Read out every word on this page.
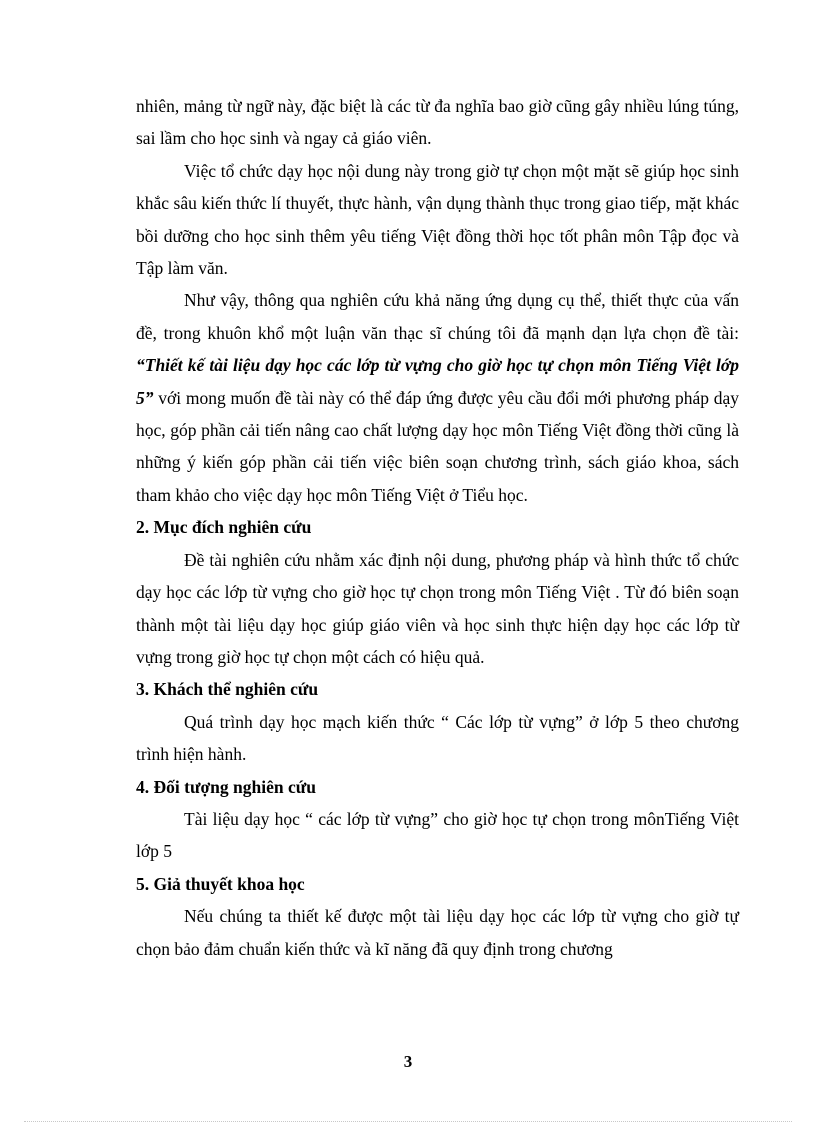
nhiên, mảng từ ngữ này, đặc biệt là các từ đa nghĩa bao giờ cũng gây nhiều lúng túng, sai lầm cho học sinh và ngay cả giáo viên.

Việc tổ chức dạy học nội dung này trong giờ tự chọn một mặt sẽ giúp học sinh khắc sâu kiến thức lí thuyết, thực hành, vận dụng thành thục trong giao tiếp, mặt khác bồi dưỡng cho học sinh thêm yêu tiếng Việt đồng thời học tốt phân môn Tập đọc và Tập làm văn.

Như vậy, thông qua nghiên cứu khả năng ứng dụng cụ thể, thiết thực của vấn đề, trong khuôn khổ một luận văn thạc sĩ chúng tôi đã mạnh dạn lựa chọn đề tài: “Thiết kế tài liệu dạy học các lớp từ vựng cho giờ học tự chọn môn Tiếng Việt lớp 5” với mong muốn đề tài này có thể đáp ứng được yêu cầu đổi mới phương pháp dạy học, góp phần cải tiến nâng cao chất lượng dạy học môn Tiếng Việt đồng thời cũng là những ý kiến góp phần cải tiến việc biên soạn chương trình, sách giáo khoa, sách tham khảo cho việc dạy học môn Tiếng Việt ở Tiểu học.

2. Mục đích nghiên cứu

Đề tài nghiên cứu nhằm xác định nội dung, phương pháp và hình thức tổ chức dạy học các lớp từ vựng cho giờ học tự chọn trong môn Tiếng Việt . Từ đó biên soạn thành một tài liệu dạy học giúp giáo viên và học sinh thực hiện dạy học các lớp từ vựng trong giờ học tự chọn một cách có hiệu quả.

3. Khách thể nghiên cứu

Quá trình dạy học mạch kiến thức “ Các lớp từ vựng” ở lớp 5 theo chương trình hiện hành.

4. Đối tượng nghiên cứu

Tài liệu dạy học “ các lớp từ vựng” cho giờ học tự chọn trong mônTiếng Việt lớp 5

5. Giả thuyết khoa học

Nếu chúng ta thiết kế được một tài liệu dạy học các lớp từ vựng cho giờ tự chọn bảo đảm chuẩn kiến thức và kĩ năng đã quy định trong chương

3
